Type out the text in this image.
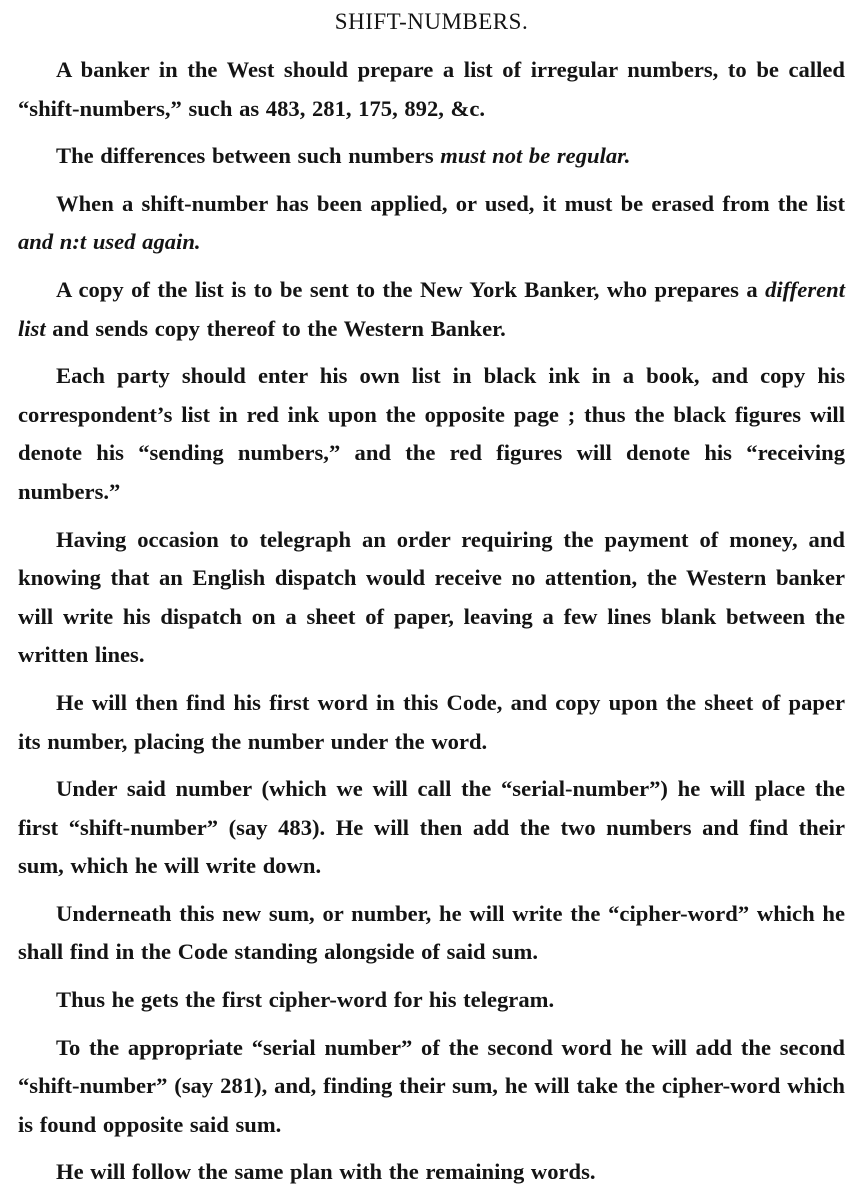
SHIFT-NUMBERS.

A banker in the West should prepare a list of irregular numbers, to be called “shift-numbers,” such as 483, 281, 175, 892, &c.

The differences between such numbers must not be regular.

When a shift-number has been applied, or used, it must be erased from the list and n:t used again.

A copy of the list is to be sent to the New York Banker, who prepares a different list and sends copy thereof to the Western Banker.

Each party should enter his own list in black ink in a book, and copy his correspondent’s list in red ink upon the opposite page ; thus the black figures will denote his “sending numbers,” and the red figures will denote his “receiving numbers.”

Having occasion to telegraph an order requiring the payment of money, and knowing that an English dispatch would receive no attention, the Western banker will write his dispatch on a sheet of paper, leaving a few lines blank between the written lines.

He will then find his first word in this Code, and copy upon the sheet of paper its number, placing the number under the word.

Under said number (which we will call the “serial-number”) he will place the first “shift-number” (say 483). He will then add the two numbers and find their sum, which he will write down.

Underneath this new sum, or number, he will write the “cipher-word” which he shall find in the Code standing alongside of said sum.

Thus he gets the first cipher-word for his telegram.

To the appropriate “serial number” of the second word he will add the second “shift-number” (say 281), and, finding their sum, he will take the cipher-word which is found opposite said sum.

He will follow the same plan with the remaining words.
